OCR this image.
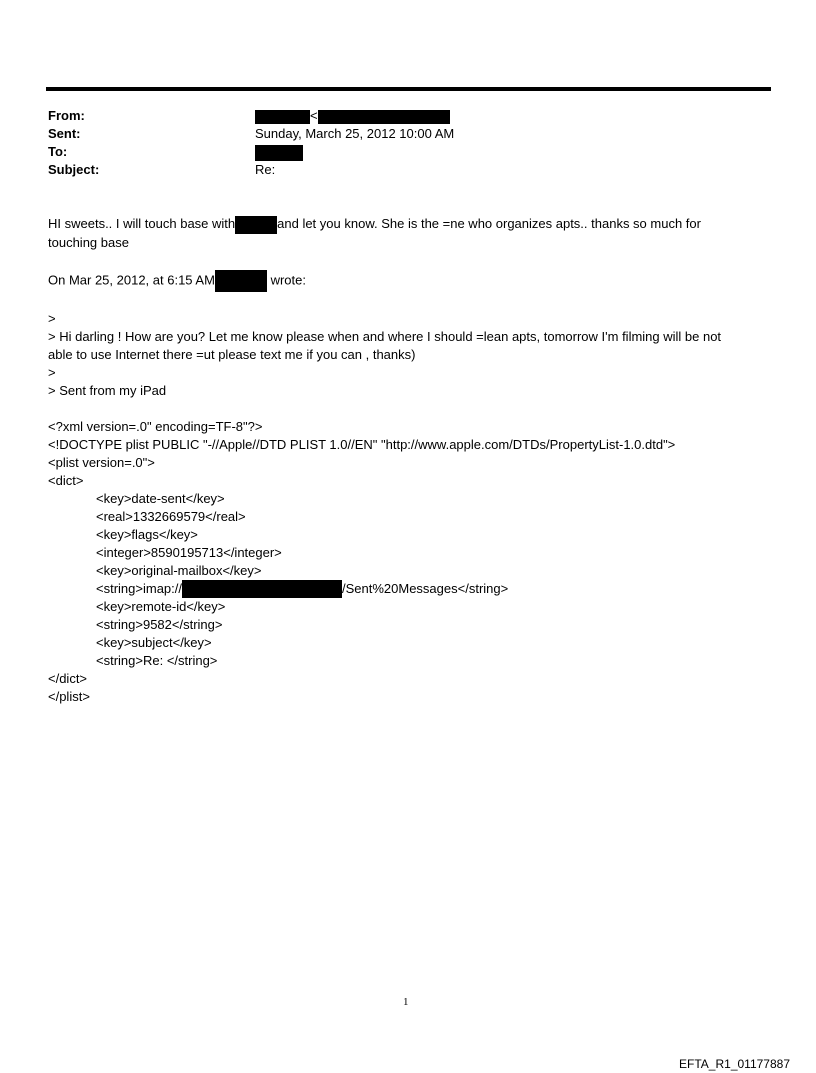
From:	<
Sent:	Sunday, March 25, 2012 10:00 AM
To:
Subject:	Re:

HI sweets.. I will touch base with	and let you know. She is the =ne who organizes apts.. thanks so much for

touching base

On Mar 25, 2012, at 6:15 AM	wrote:

>

> Hi darling ! How are you? Let me know please when and where I should =lean apts, tomorrow I'm filming will be not

able to use Internet there =ut please text me if you can , thanks)

>

> Sent from my iPad

<?xml version=.0" encoding=TF-8"?>

<!DOCTYPE plist PUBLIC "-//Apple//DTD PLIST 1.0//EN" "http://www.apple.com/DTDs/PropertyList-1.0.dtd">

<plist version=.0">

<dict>

<key>date-sent</key>

<real>1332669579</real>

<key>flags</key>

<integer>8590195713</integer>

<key>original-mailbox</key>

<string>imap://	/Sent%20Messages</string>

<key>remote-id</key>

<string>9582</string>

<key>subject</key>

<string>Re: </string>

</dict>

</plist>

1
EFTA_R1_01177887
